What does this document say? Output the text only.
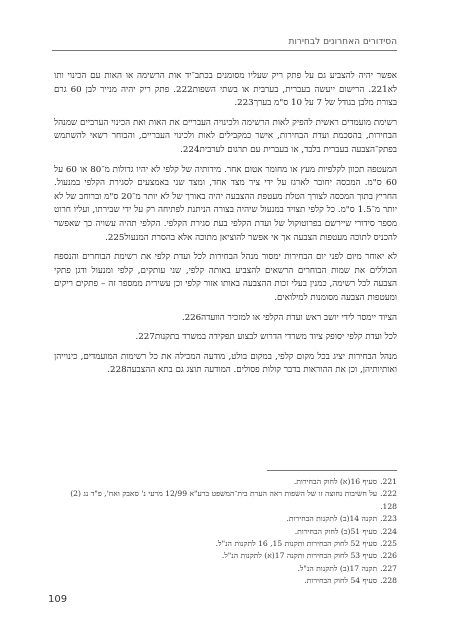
הסידורים האחרונים לבחירות

אפשר יהיה להצביע גם על פתק ריק שעליו מסומנים בכתב־יד אות הרשימה או האות עם הכינוי ותו לא221. הרישום ייעשה בעברית, בערבית או בשתי השפות222. פתק ריק יהיה מנייר לבן 60 גרם בצורת מלבן בגודל של 7 על 10 ס"מ בערך223.

רשימת מועמדים ראשית להפיק לאות הרשימה ולכינויה העבריים את האות ואת הכינוי הערביים שמנהל הבחירות, בהסכמת ועדת הבחירות, אישר כמקבילים לאות ולכינוי העבריים, והבוחר רשאי להשתמש בפתק־הצבעה בעברית בלבד, או בעברית עם תרגום לערבית224.

המעטפה תכוון לקלפיות מעץ או מחומר אטום אחר. מידותיה של קלפי לא יהיו גדולות מ־80 או 60 על 60 ס"מ. המכסה יחובר לארגז על ידי ציר מצד אחד, ומצד שני באמצעים לסגירת הקלפי במנעול. החריץ בתוך המכסה לצורך הטלת מעטפת ההצבעה יהיה באורך של לא יותר מ־20 ס"מ וברוחב של לא יותר מ־1.5 ס"מ. כל קלפי תצויד במנעול שיהיה בצורה הניתנת לפתיחה רק על ידי שבירתו, ועליו חרוט מספר סידורי שיירשם בפרוטוקול של ועדת הקלפי בעת סגירת הקלפי. הקלפי תהיה עשויה כך שאפשר להכניס לתוכה מעטפות הצבעה אך אי אפשר להוציאן מתוכה אלא בהסרת המנעול225.

לא יאוחר מיום לפני יום הבחירות ימסור מנהל הבחירות לכל ועדת קלפי את רשימת הבוחרים והנספח הכוללים את שמות הבוחרים הרשאים להצביע באותה קלפי, שני עותקים, קלפי ומנעול ודגן פתקי הצבעה לכל רשימה, כמנין בעלי זכות ההצבעה באותו אזור קלפי וכן עשירית ממספר זה – פתקים ריקים ומעטפות הצבעה מסומנות למילואים.

הציוד יימסר לידי יושב ראש ועדת הקלפי או למזכיר הוועדה226.

לכל ועדת קלפי יסופק ציוד משרדי הדרוש לבצוע תפקידה במשרד בתקנות227.

מנהל הבחירות יציג בכל מקום קלפי, במקום בולט, מודעה המכילה את כל רשימות המועמדים, כינוייהן ואותיותיהן, וכן את ההוראות בדבר קולות פסולים. המודעה תוצג גם בתא ההצבעה228.

221.סעיף 16(א) לחוק הבחירות.
222.על חשיבות נחוצה זו של השפות ראה הערת בית־המשפט ברע"א 12/99 מרעי נ' סאבק ואח', פ"ד נג (2) 128.
223.תקנה 14(ב) לתקנות הבחירות.
224.סעיף 51(ב) לחוק הבחירות.
225.סעיף 52 לחוק הבחירות ותקנות 15, 16 לתקנות הנ"ל.
226.סעיף 53 לחוק הבחירות ותקנה 17(א) לתקנות הנ"ל.
227.תקנה 17(ב) לתקנות הנ"ל.
228.סעיף 54 לחוק הבחירות.
109
